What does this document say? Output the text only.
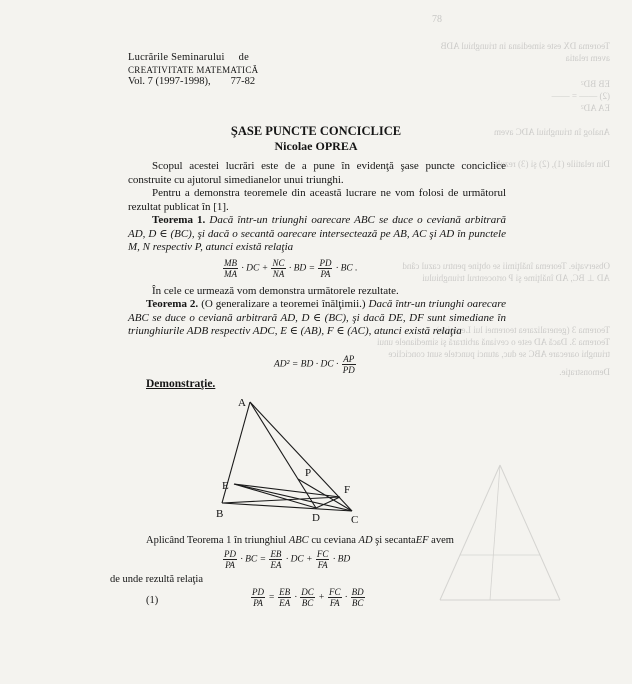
Teorema DX este simediana in triunghiul ADB
avem relatia
EB BD²
(2) —— = ——
EA AD²
Analog în triunghiul ADC avem
Din relatiile (1), (2) şi (3) rezultă
Observaţie. Teorema înălţimii se obţine pentru cazul când
AD ⊥ BC, AD înălţime şi P ortocentrul triunghiului
Teorema 3 (generalizarea teoremei lui Lemoine)
Teorema 3. Dacă AD este o ceviană arbitrară şi simedianele unui
triunghi oarecare ABC se duc, atunci punctele sunt conciclice
Demonstraţie.
78
Lucrările Seminarului de
CREATIVITATE MATEMATICĂ
Vol. 7 (1997-1998), 77-82
ŞASE PUNCTE CONCICLICE
Nicolae OPREA
Scopul acestei lucrări este de a pune în evidenţă şase puncte conciclice construite cu ajutorul simedianelor unui triunghi.
Pentru a demonstra teoremele din această lucrare ne vom folosi de următorul rezultat publicat în [1].
Teorema 1. Dacă într-un triunghi oarecare ABC se duce o ceviană arbitrară AD, D ∈ (BC), şi dacă o secantă oarecare intersectează pe AB, AC şi AD în punctele M, N respectiv P, atunci există relaţia
$\frac{MB}{MA}$ · DC + $\frac{NC}{NA}$ · BD = $\frac{PD}{PA}$ · BC .
În cele ce urmează vom demonstra următorele rezultate.
Teorema 2. (O generalizare a teoremei înălţimii.) Dacă într-un triunghi oarecare ABC se duce o ceviană arbitrară AD, D ∈ (BC), şi dacă DE, DF sunt simediane în triunghiurile ADB respectiv ADC, E ∈ (AB), F ∈ (AC), atunci există relaţia
AD² = BD · DC · $\frac{AP}{PD}$
Demonstraţie.
A
B	C
D
E	F
P
Aplicând Teorema 1 în triunghiul ABC cu ceviana AD şi secantaEF avem
$\frac{PD}{PA}$ · BC = $\frac{EB}{EA}$ · DC + $\frac{FC}{FA}$ · BD
de unde rezultă relaţia
(1)	$\frac{PD}{PA} = \frac{EB}{EA} \cdot \frac{DC}{BC} + \frac{FC}{FA} \cdot \frac{BD}{BC}$
